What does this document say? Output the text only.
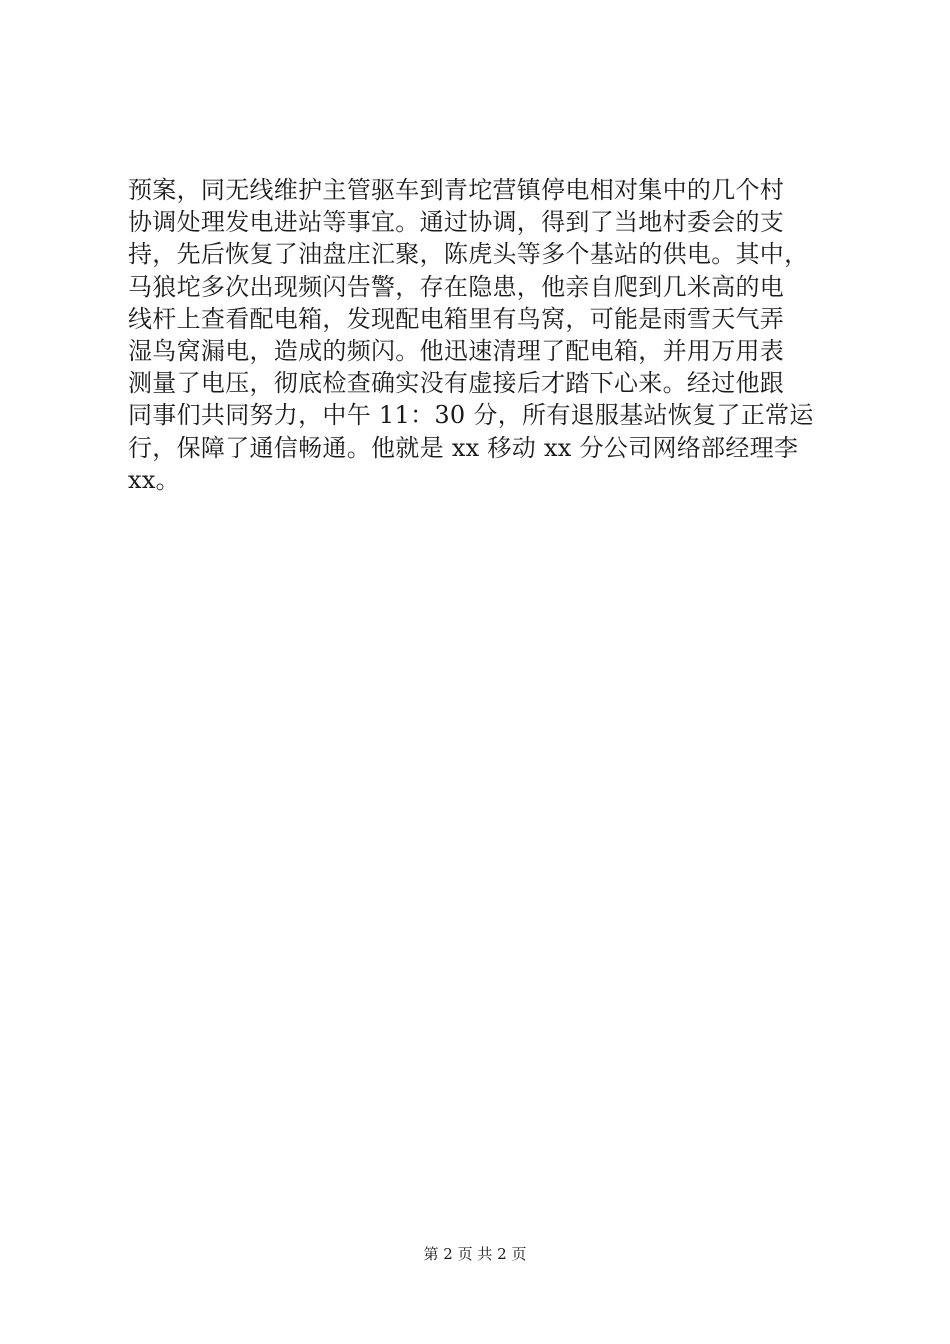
预案，同无线维护主管驱车到青坨营镇停电相对集中的几个村
协调处理发电进站等事宜。通过协调，得到了当地村委会的支
持，先后恢复了油盘庄汇聚，陈虎头等多个基站的供电。其中，
马狼坨多次出现频闪告警，存在隐患，他亲自爬到几米高的电
线杆上查看配电箱，发现配电箱里有鸟窝，可能是雨雪天气弄
湿鸟窝漏电，造成的频闪。他迅速清理了配电箱，并用万用表
测量了电压，彻底检查确实没有虚接后才踏下心来。经过他跟
同事们共同努力，中午 11：30 分，所有退服基站恢复了正常运
行，保障了通信畅通。他就是 xx 移动 xx 分公司网络部经理李
xx。
第 2 页 共 2 页
